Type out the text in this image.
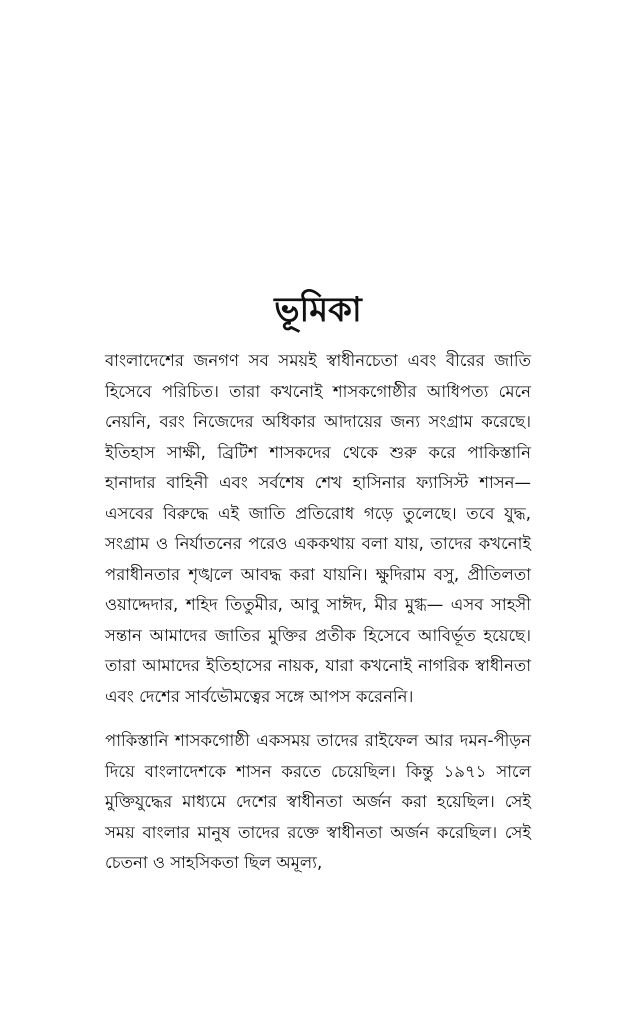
ভূমিকা

বাংলাদেশের জনগণ সব সময়ই স্বাধীনচেতা এবং বীরের জাতি হিসেবে পরিচিত। তারা কখনোই শাসকগোষ্ঠীর আধিপত্য মেনে নেয়নি, বরং নিজেদের অধিকার আদায়ের জন্য সংগ্রাম করেছে। ইতিহাস সাক্ষী, ব্রিটিশ শাসকদের থেকে শুরু করে পাকিস্তানি হানাদার বাহিনী এবং সর্বশেষ শেখ হাসিনার ফ্যাসিস্ট শাসন— এসবের বিরুদ্ধে এই জাতি প্রতিরোধ গড়ে তুলেছে। তবে যুদ্ধ, সংগ্রাম ও নির্যাতনের পরেও এককথায় বলা যায়, তাদের কখনোই পরাধীনতার শৃঙ্খলে আবদ্ধ করা যায়নি। ক্ষুদিরাম বসু, প্রীতিলতা ওয়াদ্দেদার, শহিদ তিতুমীর, আবু সাঈদ, মীর মুগ্ধ— এসব সাহসী সন্তান আমাদের জাতির মুক্তির প্রতীক হিসেবে আবির্ভূত হয়েছে। তারা আমাদের ইতিহাসের নায়ক, যারা কখনোই নাগরিক স্বাধীনতা এবং দেশের সার্বভৌমত্বের সঙ্গে আপস করেননি।

পাকিস্তানি শাসকগোষ্ঠী একসময় তাদের রাইফেল আর দমন-পীড়ন দিয়ে বাংলাদেশকে শাসন করতে চেয়েছিল। কিন্তু ১৯৭১ সালে মুক্তিযুদ্ধের মাধ্যমে দেশের স্বাধীনতা অর্জন করা হয়েছিল। সেই সময় বাংলার মানুষ তাদের রক্তে স্বাধীনতা অর্জন করেছিল। সেই চেতনা ও সাহসিকতা ছিল অমূল্য,
